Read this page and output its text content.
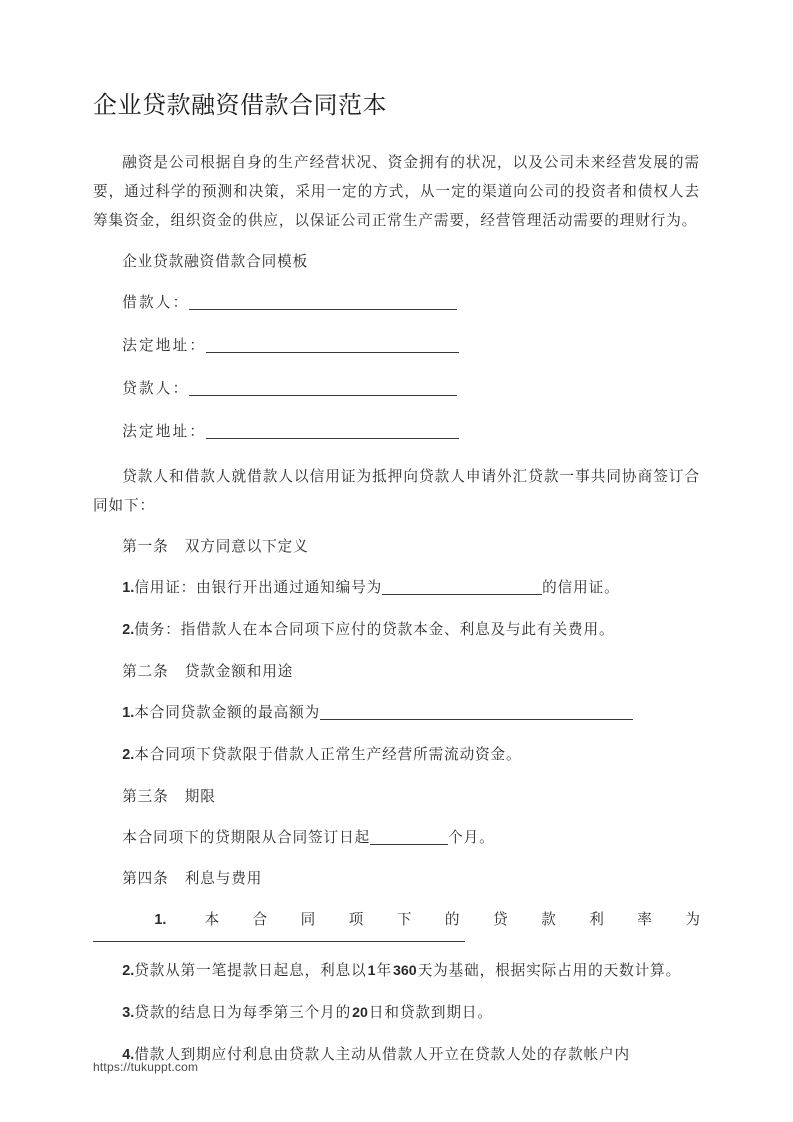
企业贷款融资借款合同范本

融资是公司根据自身的生产经营状况、资金拥有的状况，以及公司未来经营发展的需要，通过科学的预测和决策，采用一定的方式，从一定的渠道向公司的投资者和债权人去筹集资金，组织资金的供应，以保证公司正常生产需要，经营管理活动需要的理财行为。

企业贷款融资借款合同模板

借款人：
法定地址：
贷款人：
法定地址：

贷款人和借款人就借款人以信用证为抵押向贷款人申请外汇贷款一事共同协商签订合同如下：

第一条 双方同意以下定义

1.信用证：由银行开出通过通知编号为	的信用证。

2.债务：指借款人在本合同项下应付的贷款本金、利息及与此有关费用。

第二条 贷款金额和用途

1.本合同贷款金额的最高额为

2.本合同项下贷款限于借款人正常生产经营所需流动资金。

第三条 期限

本合同项下的贷期限从合同签订日起	个月。

第四条 利息与费用

1.	本合同项下的贷款利率为

2.贷款从第一笔提款日起息，利息以1年360天为基础，根据实际占用的天数计算。

3.贷款的结息日为每季第三个月的20日和贷款到期日。

4.借款人到期应付利息由贷款人主动从借款人开立在贷款人处的存款帐户内

https://tukuppt.com
